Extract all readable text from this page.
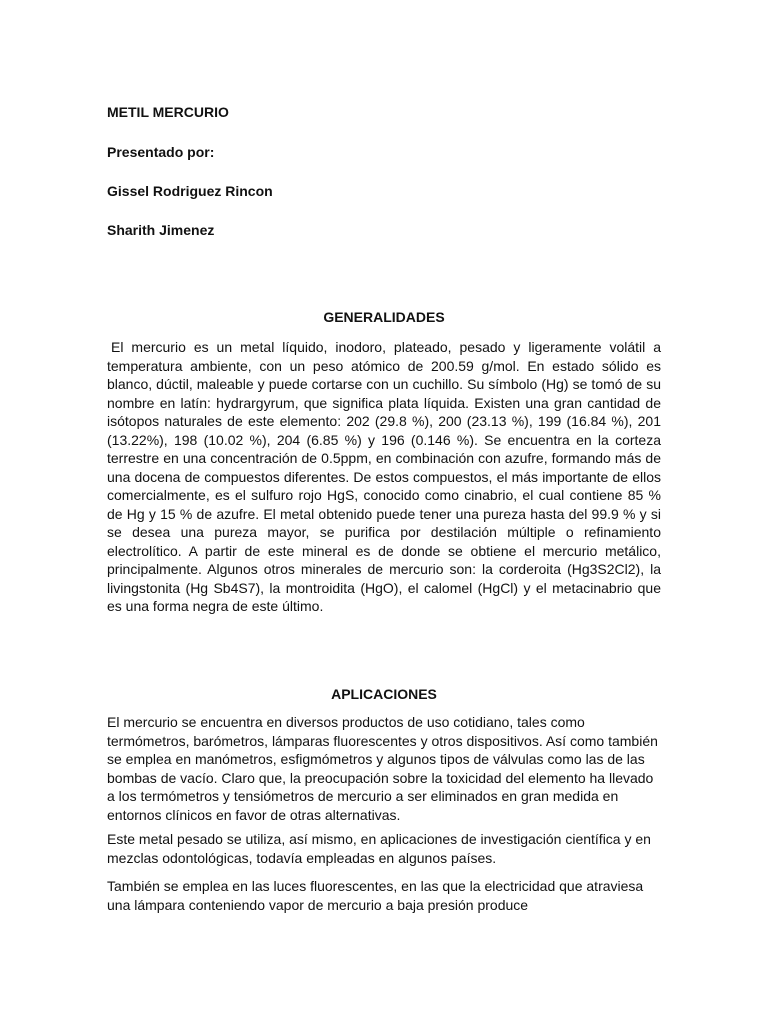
METIL MERCURIO
Presentado por:
Gissel Rodriguez Rincon
Sharith Jimenez
GENERALIDADES

El mercurio es un metal líquido, inodoro, plateado, pesado y ligeramente volátil a temperatura ambiente, con un peso atómico de 200.59 g/mol. En estado sólido es blanco, dúctil, maleable y puede cortarse con un cuchillo. Su símbolo (Hg) se tomó de su nombre en latín: hydrargyrum, que significa plata líquida. Existen una gran cantidad de isótopos naturales de este elemento: 202 (29.8 %), 200 (23.13 %), 199 (16.84 %), 201 (13.22%), 198 (10.02 %), 204 (6.85 %) y 196 (0.146 %). Se encuentra en la corteza terrestre en una concentración de 0.5ppm, en combinación con azufre, formando más de una docena de compuestos diferentes. De estos compuestos, el más importante de ellos comercialmente, es el sulfuro rojo HgS, conocido como cinabrio, el cual contiene 85 % de Hg y 15 % de azufre. El metal obtenido puede tener una pureza hasta del 99.9 % y si se desea una pureza mayor, se purifica por destilación múltiple o refinamiento electrolítico. A partir de este mineral es de donde se obtiene el mercurio metálico, principalmente. Algunos otros minerales de mercurio son: la corderoita (Hg3S2Cl2), la livingstonita (Hg Sb4S7), la montroidita (HgO), el calomel (HgCl) y el metacinabrio que es una forma negra de este último.

APLICACIONES

El mercurio se encuentra en diversos productos de uso cotidiano, tales como termómetros, barómetros, lámparas fluorescentes y otros dispositivos. Así como también se emplea en manómetros, esfigmómetros y algunos tipos de válvulas como las de las bombas de vacío. Claro que, la preocupación sobre la toxicidad del elemento ha llevado a los termómetros y tensiómetros de mercurio a ser eliminados en gran medida en entornos clínicos en favor de otras alternativas.

Este metal pesado se utiliza, así mismo, en aplicaciones de investigación científica y en mezclas odontológicas, todavía empleadas en algunos países.

También se emplea en las luces fluorescentes, en las que la electricidad que atraviesa una lámpara conteniendo vapor de mercurio a baja presión produce
